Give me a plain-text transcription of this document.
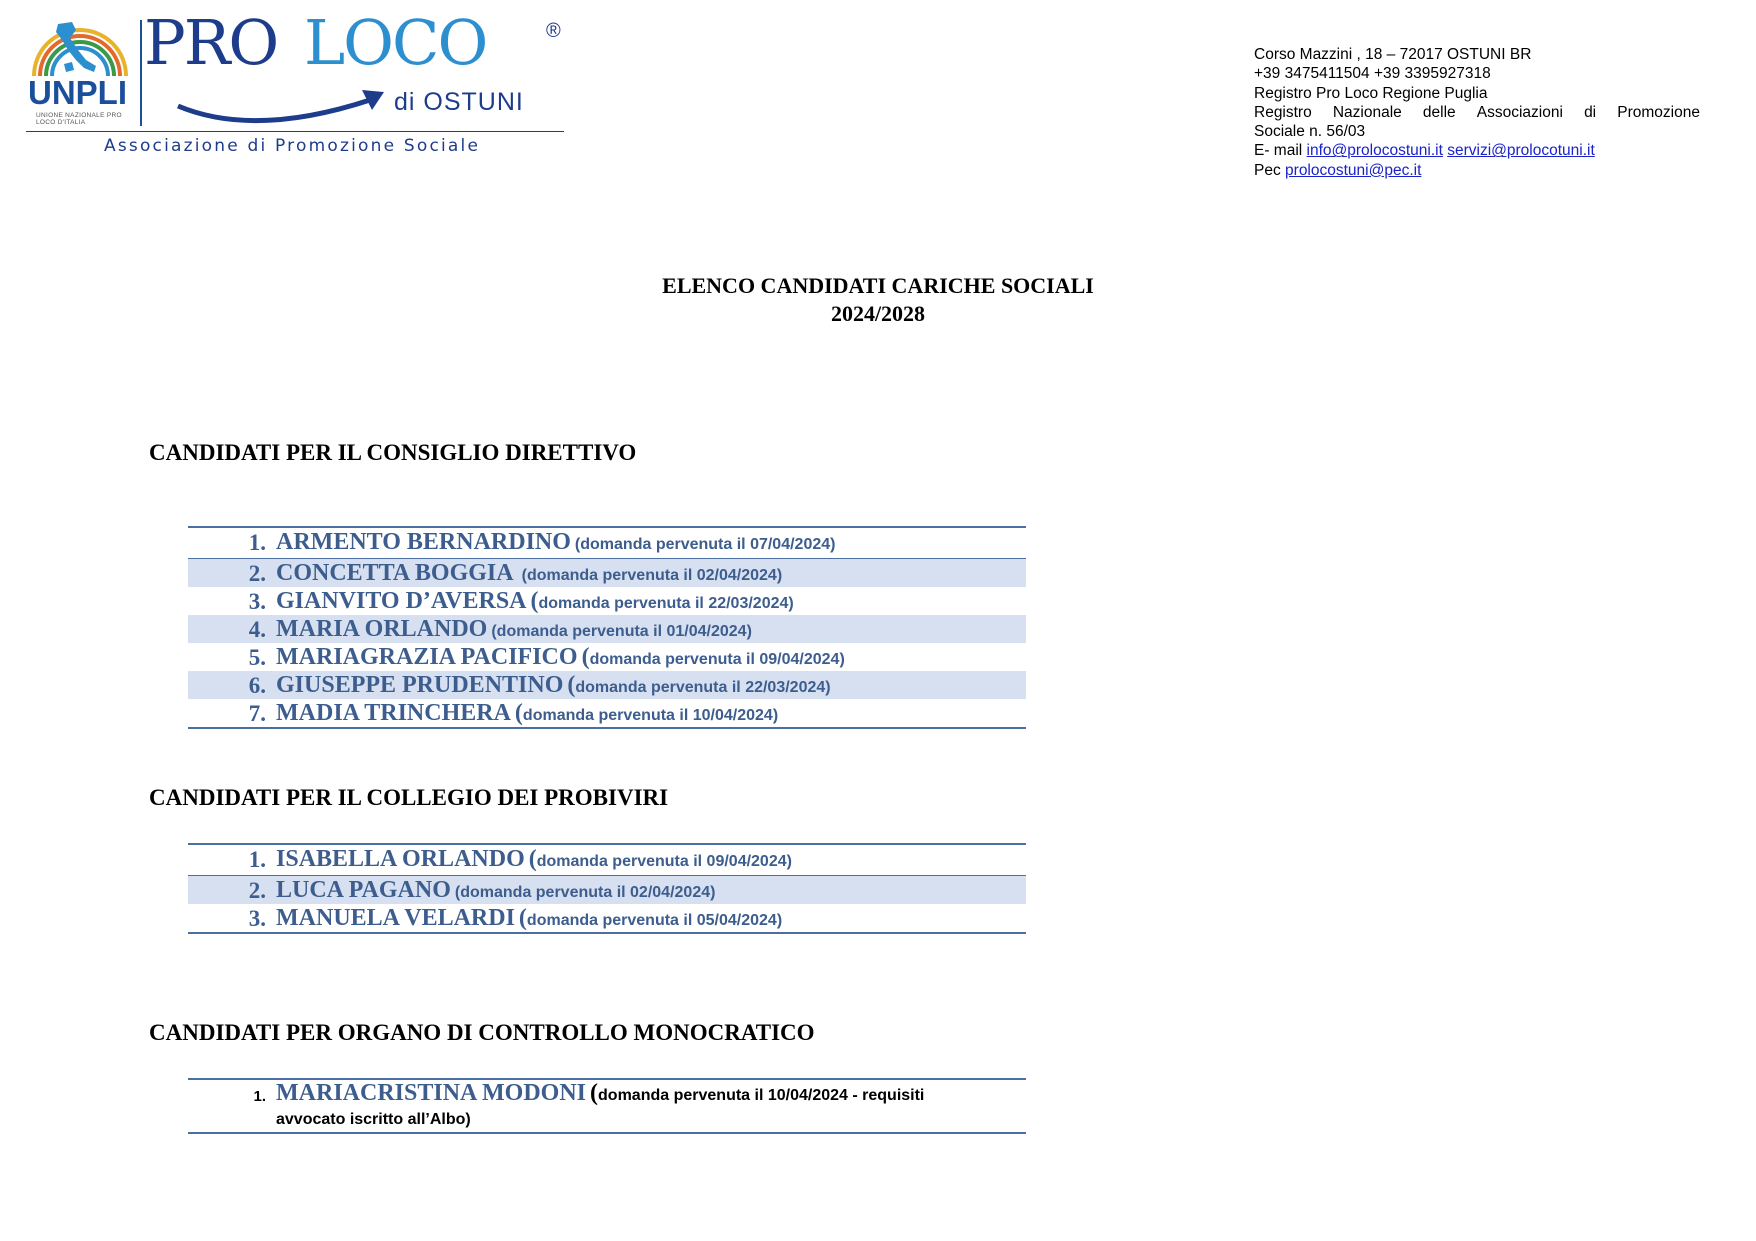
UNPLI
UNIONE NAZIONALE PRO LOCO D'ITALIA
PRO LOCO	®
di OSTUNI
Associazione di Promozione Sociale
Corso Mazzini , 18 – 72017 OSTUNI BR
+39 3475411504 +39 3395927318
Registro Pro Loco Regione Puglia
Registro Nazionale delle Associazioni di Promozione
Sociale n. 56/03
E- mail info@prolocostuni.it servizi@prolocotuni.it
Pec prolocostuni@pec.it
ELENCO CANDIDATI CARICHE SOCIALI
2024/2028
CANDIDATI PER IL CONSIGLIO DIRETTIVO
1. ARMENTO BERNARDINO (domanda pervenuta il 07/04/2024)
2. CONCETTA BOGGIA (domanda pervenuta il 02/04/2024)
3. GIANVITO D’AVERSA (domanda pervenuta il 22/03/2024)
4. MARIA ORLANDO (domanda pervenuta il 01/04/2024)
5. MARIAGRAZIA PACIFICO (domanda pervenuta il 09/04/2024)
6. GIUSEPPE PRUDENTINO (domanda pervenuta il 22/03/2024)
7. MADIA TRINCHERA (domanda pervenuta il 10/04/2024)
CANDIDATI PER IL COLLEGIO DEI PROBIVIRI
1. ISABELLA ORLANDO (domanda pervenuta il 09/04/2024)
2. LUCA PAGANO (domanda pervenuta il 02/04/2024)
3. MANUELA VELARDI (domanda pervenuta il 05/04/2024)
CANDIDATI PER ORGANO DI CONTROLLO MONOCRATICO
1. MARIACRISTINA MODONI (domanda pervenuta il 10/04/2024 - requisiti avvocato iscritto all’Albo)
